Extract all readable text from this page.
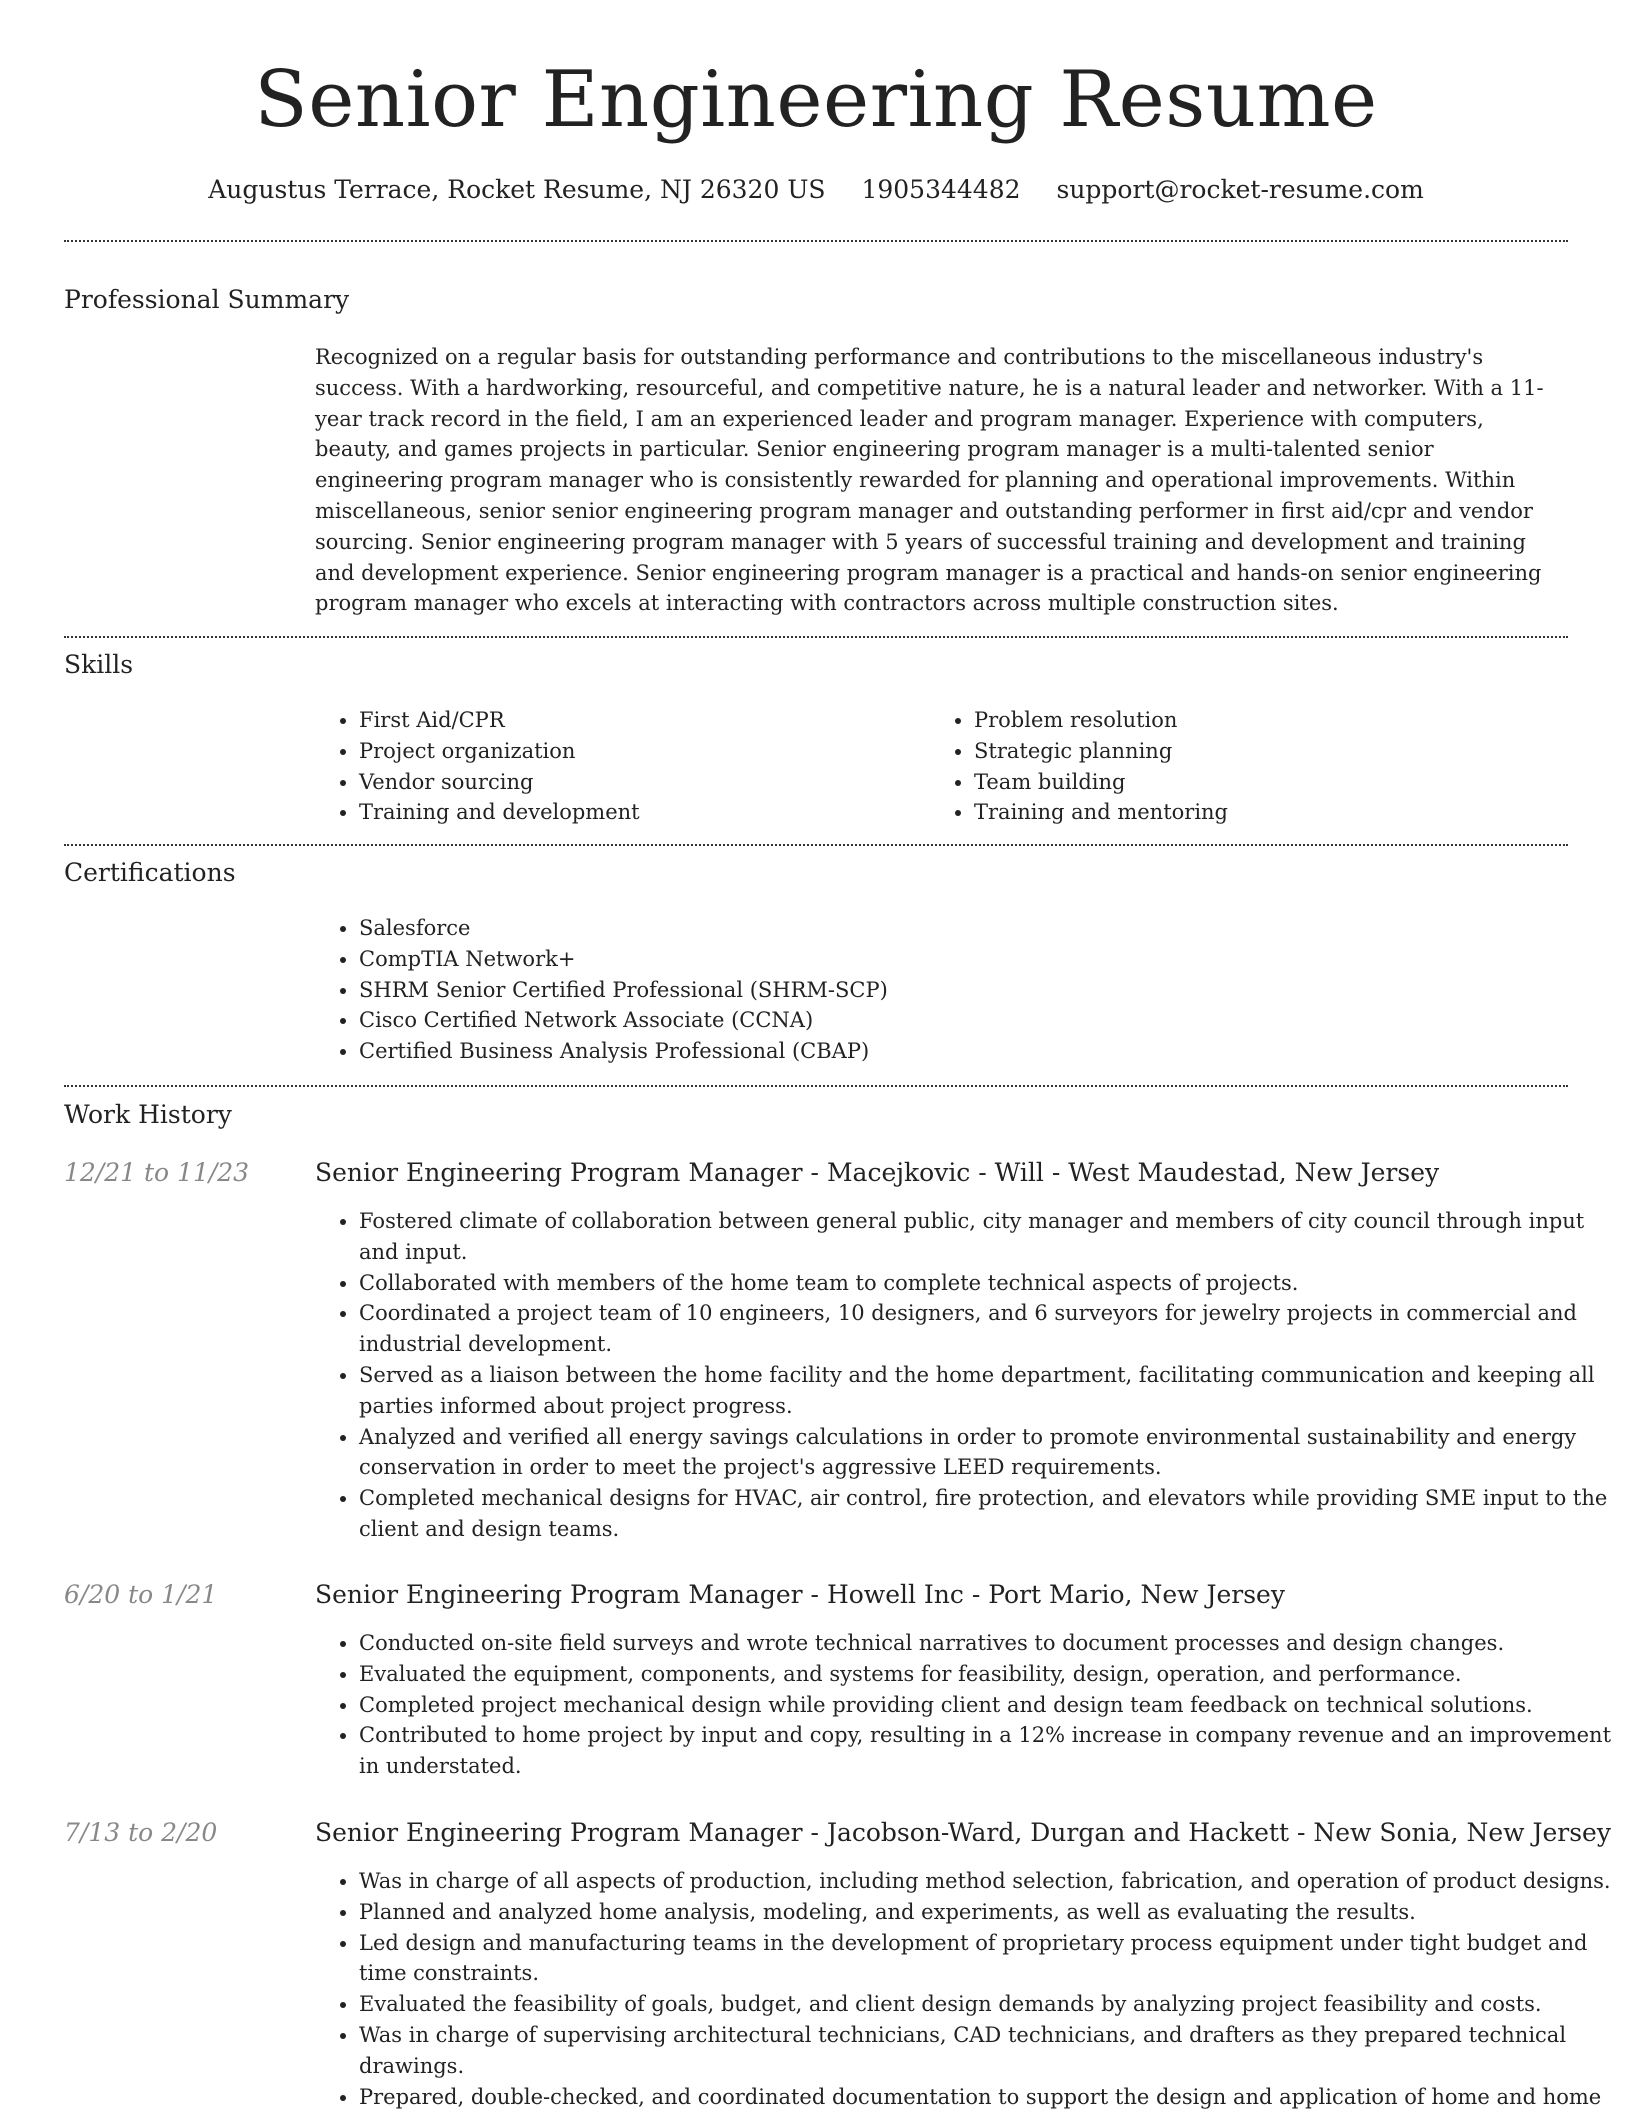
Senior Engineering Resume
Augustus Terrace, Rocket Resume, NJ 26320 US 1905344482 support@rocket-resume.com
Professional Summary

Recognized on a regular basis for outstanding performance and contributions to the miscellaneous industry's success. With a hardworking, resourceful, and competitive nature, he is a natural leader and networker. With a 11-year track record in the field, I am an experienced leader and program manager. Experience with computers, beauty, and games projects in particular. Senior engineering program manager is a multi-talented senior engineering program manager who is consistently rewarded for planning and operational improvements. Within miscellaneous, senior senior engineering program manager and outstanding performer in first aid/cpr and vendor sourcing. Senior engineering program manager with 5 years of successful training and development and training and development experience. Senior engineering program manager is a practical and hands-on senior engineering program manager who excels at interacting with contractors across multiple construction sites.

Skills
• First Aid/CPR
• Project organization
• Vendor sourcing
• Training and development
• Problem resolution
• Strategic planning
• Team building
• Training and mentoring
Certifications
• Salesforce
• CompTIA Network+
• SHRM Senior Certified Professional (SHRM-SCP)
• Cisco Certified Network Associate (CCNA)
• Certified Business Analysis Professional (CBAP)
Work History
12/21 to 11/23	Senior Engineering Program Manager - Macejkovic - Will - West Maudestad, New Jersey
• Fostered climate of collaboration between general public, city manager and members of city council through input and input.
• Collaborated with members of the home team to complete technical aspects of projects.
• Coordinated a project team of 10 engineers, 10 designers, and 6 surveyors for jewelry projects in commercial and industrial development.
• Served as a liaison between the home facility and the home department, facilitating communication and keeping all parties informed about project progress.
• Analyzed and verified all energy savings calculations in order to promote environmental sustainability and energy conservation in order to meet the project's aggressive LEED requirements.
• Completed mechanical designs for HVAC, air control, fire protection, and elevators while providing SME input to the client and design teams.
6/20 to 1/21	Senior Engineering Program Manager - Howell Inc - Port Mario, New Jersey
• Conducted on-site field surveys and wrote technical narratives to document processes and design changes.
• Evaluated the equipment, components, and systems for feasibility, design, operation, and performance.
• Completed project mechanical design while providing client and design team feedback on technical solutions.
• Contributed to home project by input and copy, resulting in a 12% increase in company revenue and an improvement in understated.
7/13 to 2/20	Senior Engineering Program Manager - Jacobson-Ward, Durgan and Hackett - New Sonia, New Jersey
• Was in charge of all aspects of production, including method selection, fabrication, and operation of product designs.
• Planned and analyzed home analysis, modeling, and experiments, as well as evaluating the results.
• Led design and manufacturing teams in the development of proprietary process equipment under tight budget and time constraints.
• Evaluated the feasibility of goals, budget, and client design demands by analyzing project feasibility and costs.
• Was in charge of supervising architectural technicians, CAD technicians, and drafters as they prepared technical drawings.
• Prepared, double-checked, and coordinated documentation to support the design and application of home and home
